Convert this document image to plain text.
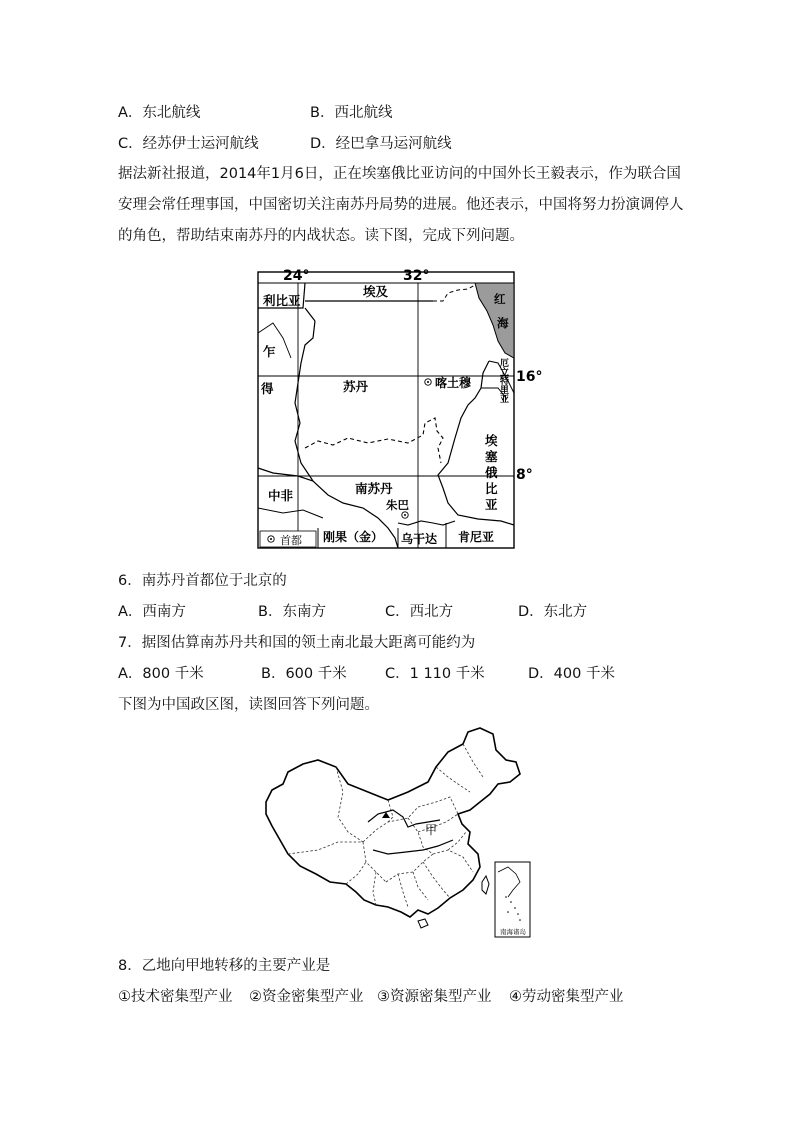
A．东北航线	B．西北航线
C．经苏伊士运河航线	D．经巴拿马运河航线
据法新社报道，2014年1月6日，正在埃塞俄比亚访问的中国外长王毅表示，作为联合国安理会常任理事国，中国密切关注南苏丹局势的进展。他还表示，中国将努力扮演调停人的角色，帮助结束南苏丹的内战状态。读下图，完成下列问题。
首都
24°	32°
16°
8°
利比亚
埃及	红
海
乍
得	苏丹	喀土穆
厄
立
特
里
亚
埃
塞
俄
比
亚
中非	南苏丹
朱巴
刚果（金） 乌干达 肯尼亚
6．南苏丹首都位于北京的
A．西南方	B．东南方	C．西北方	D．东北方
7．据图估算南苏丹共和国的领土南北最大距离可能约为
A．800 千米	B．600 千米	C．1 110 千米	D．400 千米
下图为中国政区图，读图回答下列问题。
甲
南海诸岛
8．乙地向甲地转移的主要产业是
①技术密集型产业 ②资金密集型产业 ③资源密集型产业 ④劳动密集型产业
